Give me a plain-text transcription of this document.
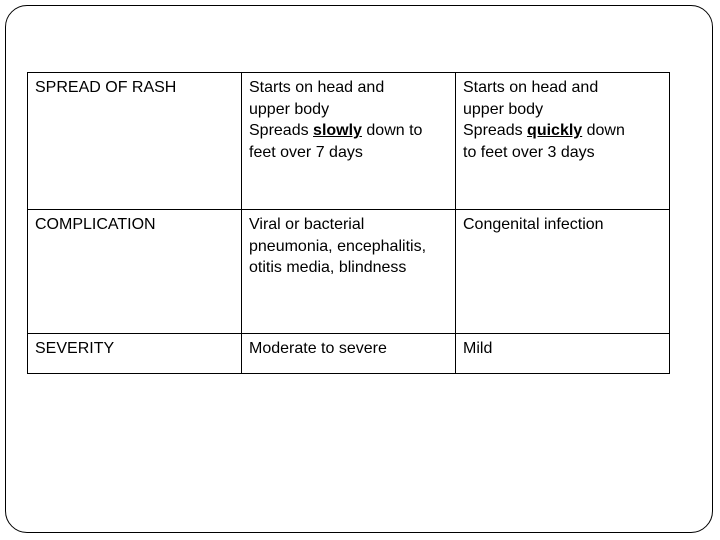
SPREAD OF RASH	Starts on head and
upper body
Spreads slowly down to
feet over 7 days	Starts on head and
upper body
Spreads quickly down
to feet over 3 days

COMPLICATION	Viral or bacterial
pneumonia, encephalitis,
otitis media, blindness	Congenital infection

SEVERITY	Moderate to severe	Mild
